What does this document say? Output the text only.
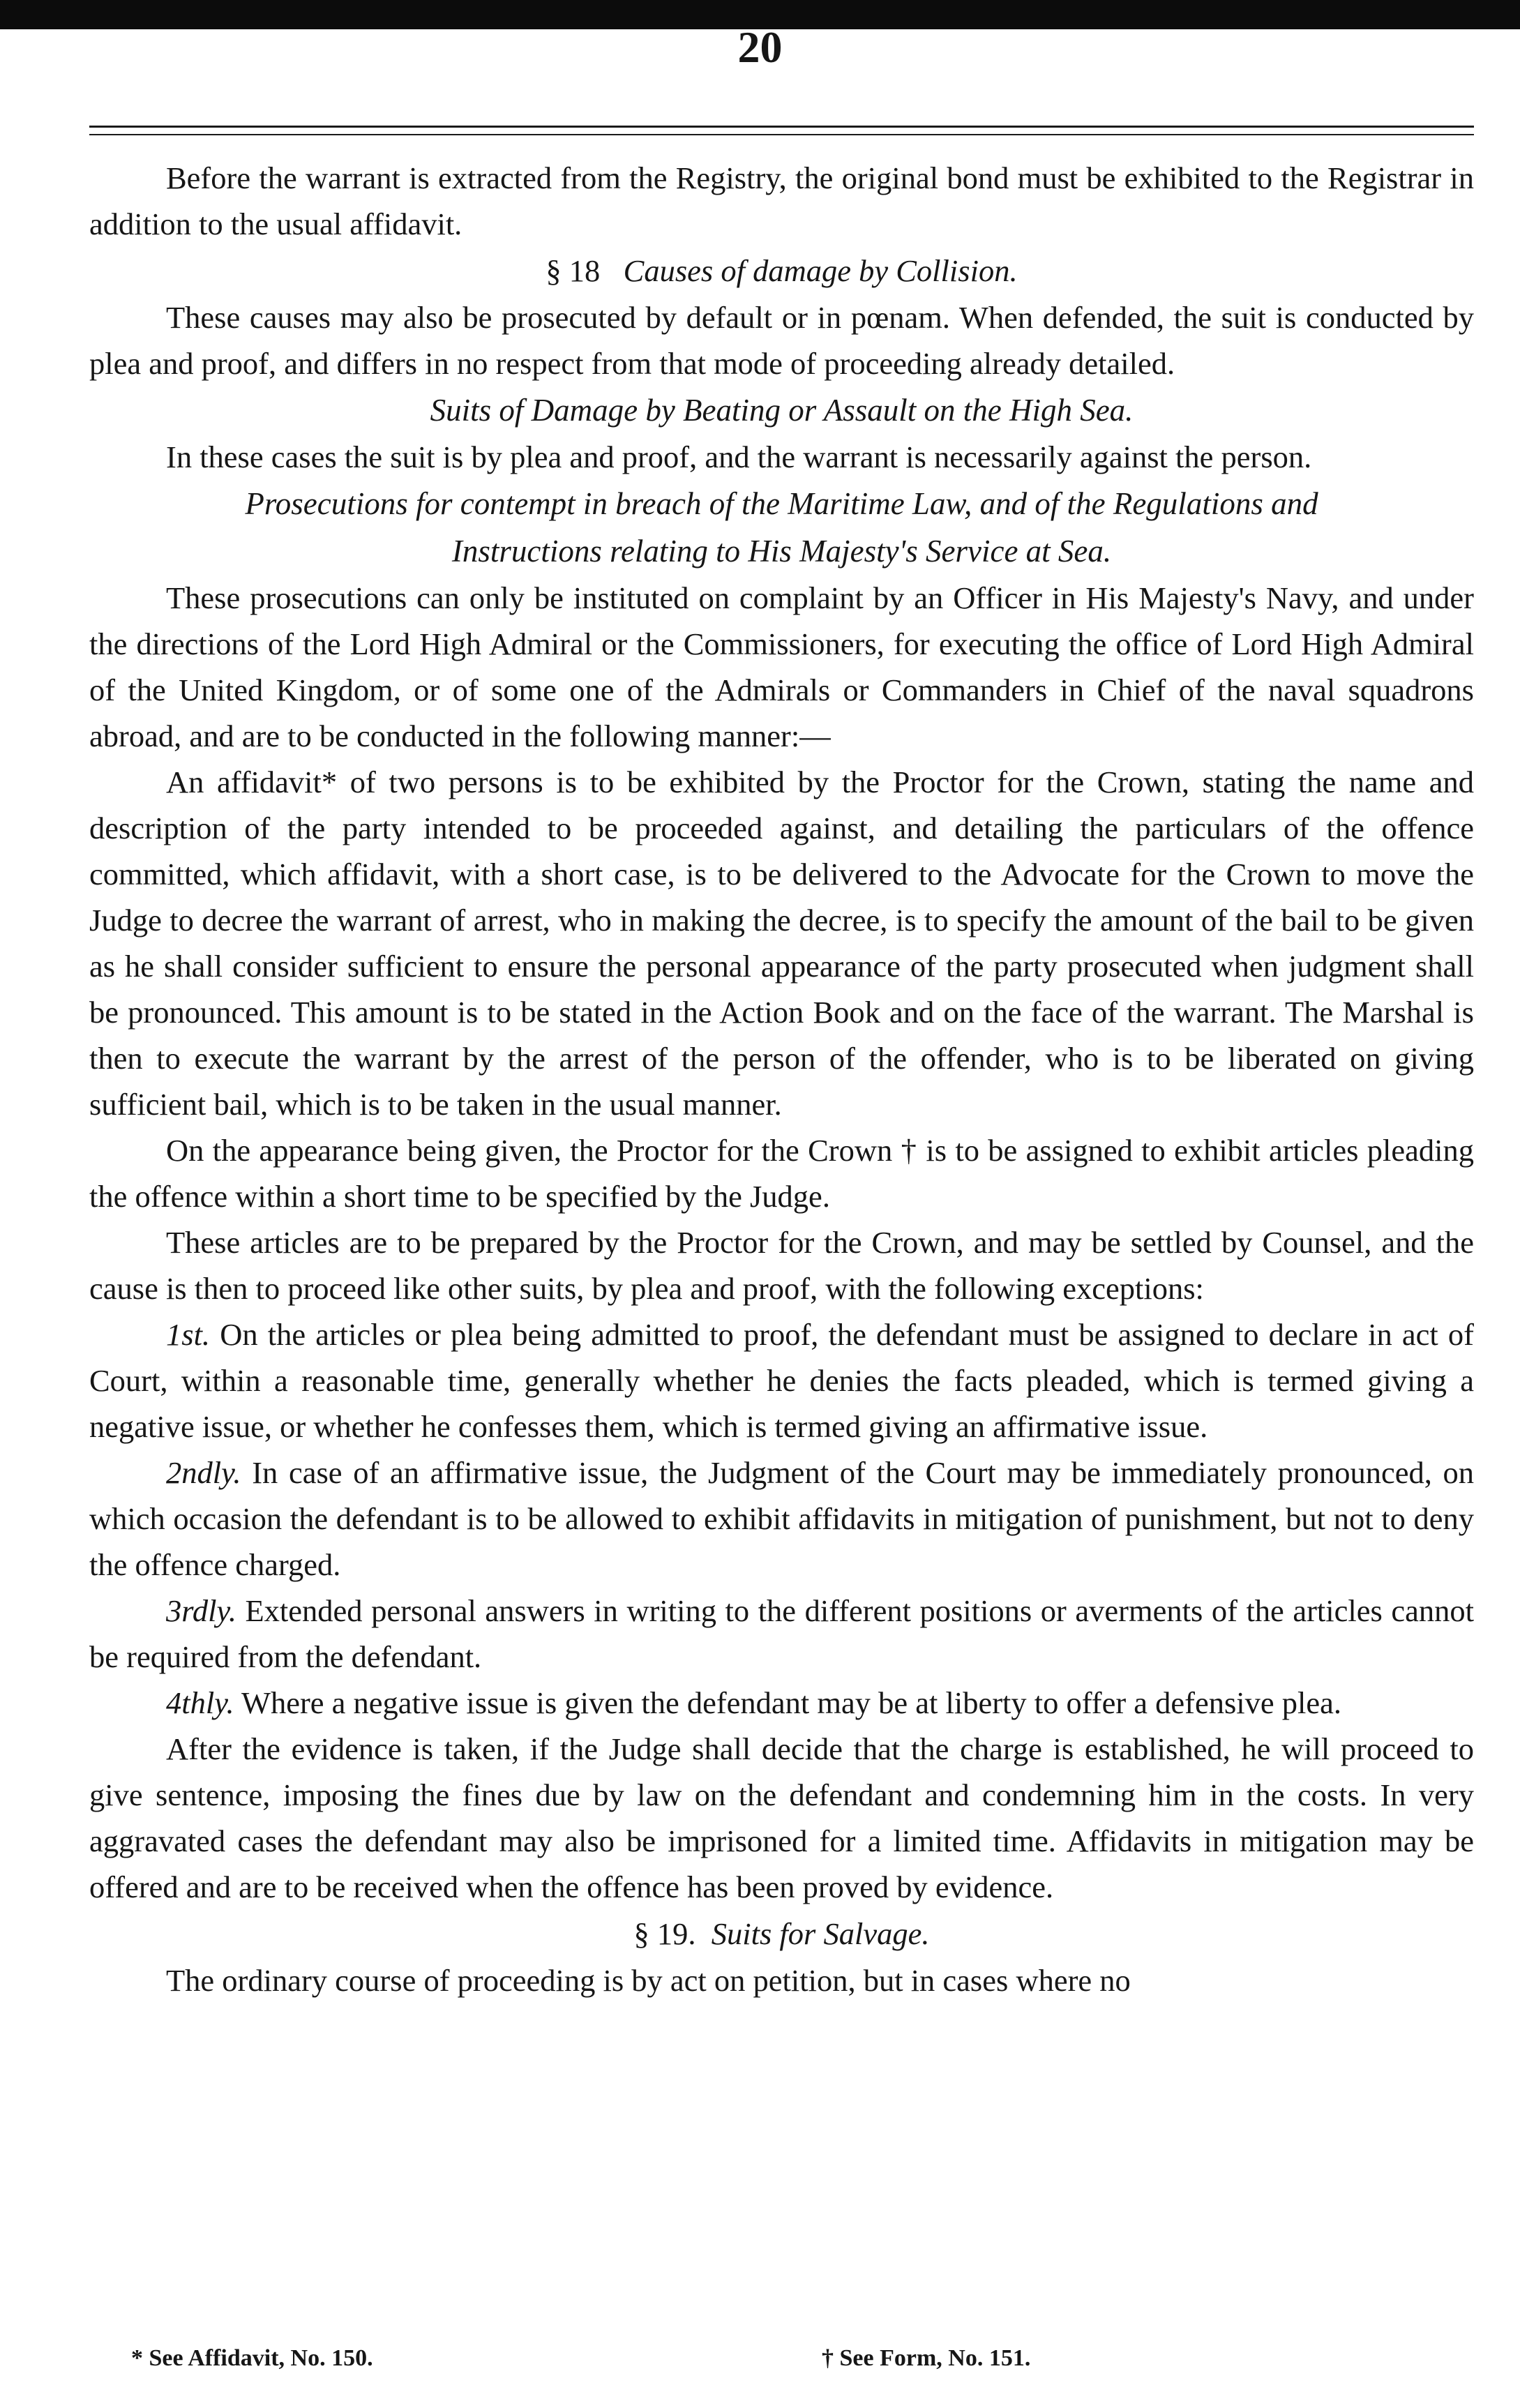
20

Before the warrant is extracted from the Registry, the original bond must be exhibited to the Registrar in addition to the usual affidavit.

§ 18 Causes of damage by Collision.

These causes may also be prosecuted by default or in pœnam. When defended, the suit is conducted by plea and proof, and differs in no respect from that mode of proceeding already detailed.

Suits of Damage by Beating or Assault on the High Sea.

In these cases the suit is by plea and proof, and the warrant is necessarily against the person.

Prosecutions for contempt in breach of the Maritime Law, and of the Regulations and

Instructions relating to His Majesty's Service at Sea.

These prosecutions can only be instituted on complaint by an Officer in His Majesty's Navy, and under the directions of the Lord High Admiral or the Commissioners, for executing the office of Lord High Admiral of the United Kingdom, or of some one of the Admirals or Commanders in Chief of the naval squadrons abroad, and are to be conducted in the following manner:—

An affidavit* of two persons is to be exhibited by the Proctor for the Crown, stating the name and description of the party intended to be proceeded against, and detailing the particulars of the offence committed, which affidavit, with a short case, is to be delivered to the Advocate for the Crown to move the Judge to decree the warrant of arrest, who in making the decree, is to specify the amount of the bail to be given as he shall consider sufficient to ensure the personal appearance of the party prosecuted when judgment shall be pronounced. This amount is to be stated in the Action Book and on the face of the warrant. The Marshal is then to execute the warrant by the arrest of the person of the offender, who is to be liberated on giving sufficient bail, which is to be taken in the usual manner.

On the appearance being given, the Proctor for the Crown † is to be assigned to exhibit articles pleading the offence within a short time to be specified by the Judge.

These articles are to be prepared by the Proctor for the Crown, and may be settled by Counsel, and the cause is then to proceed like other suits, by plea and proof, with the following exceptions:

1st. On the articles or plea being admitted to proof, the defendant must be assigned to declare in act of Court, within a reasonable time, generally whether he denies the facts pleaded, which is termed giving a negative issue, or whether he confesses them, which is termed giving an affirmative issue.

2ndly. In case of an affirmative issue, the Judgment of the Court may be immediately pronounced, on which occasion the defendant is to be allowed to exhibit affidavits in mitigation of punishment, but not to deny the offence charged.

3rdly. Extended personal answers in writing to the different positions or averments of the articles cannot be required from the defendant.

4thly. Where a negative issue is given the defendant may be at liberty to offer a defensive plea.

After the evidence is taken, if the Judge shall decide that the charge is established, he will proceed to give sentence, imposing the fines due by law on the defendant and condemning him in the costs. In very aggravated cases the defendant may also be imprisoned for a limited time. Affidavits in mitigation may be offered and are to be received when the offence has been proved by evidence.

§ 19. Suits for Salvage.

The ordinary course of proceeding is by act on petition, but in cases where no

* See Affidavit, No. 150.	† See Form, No. 151.
